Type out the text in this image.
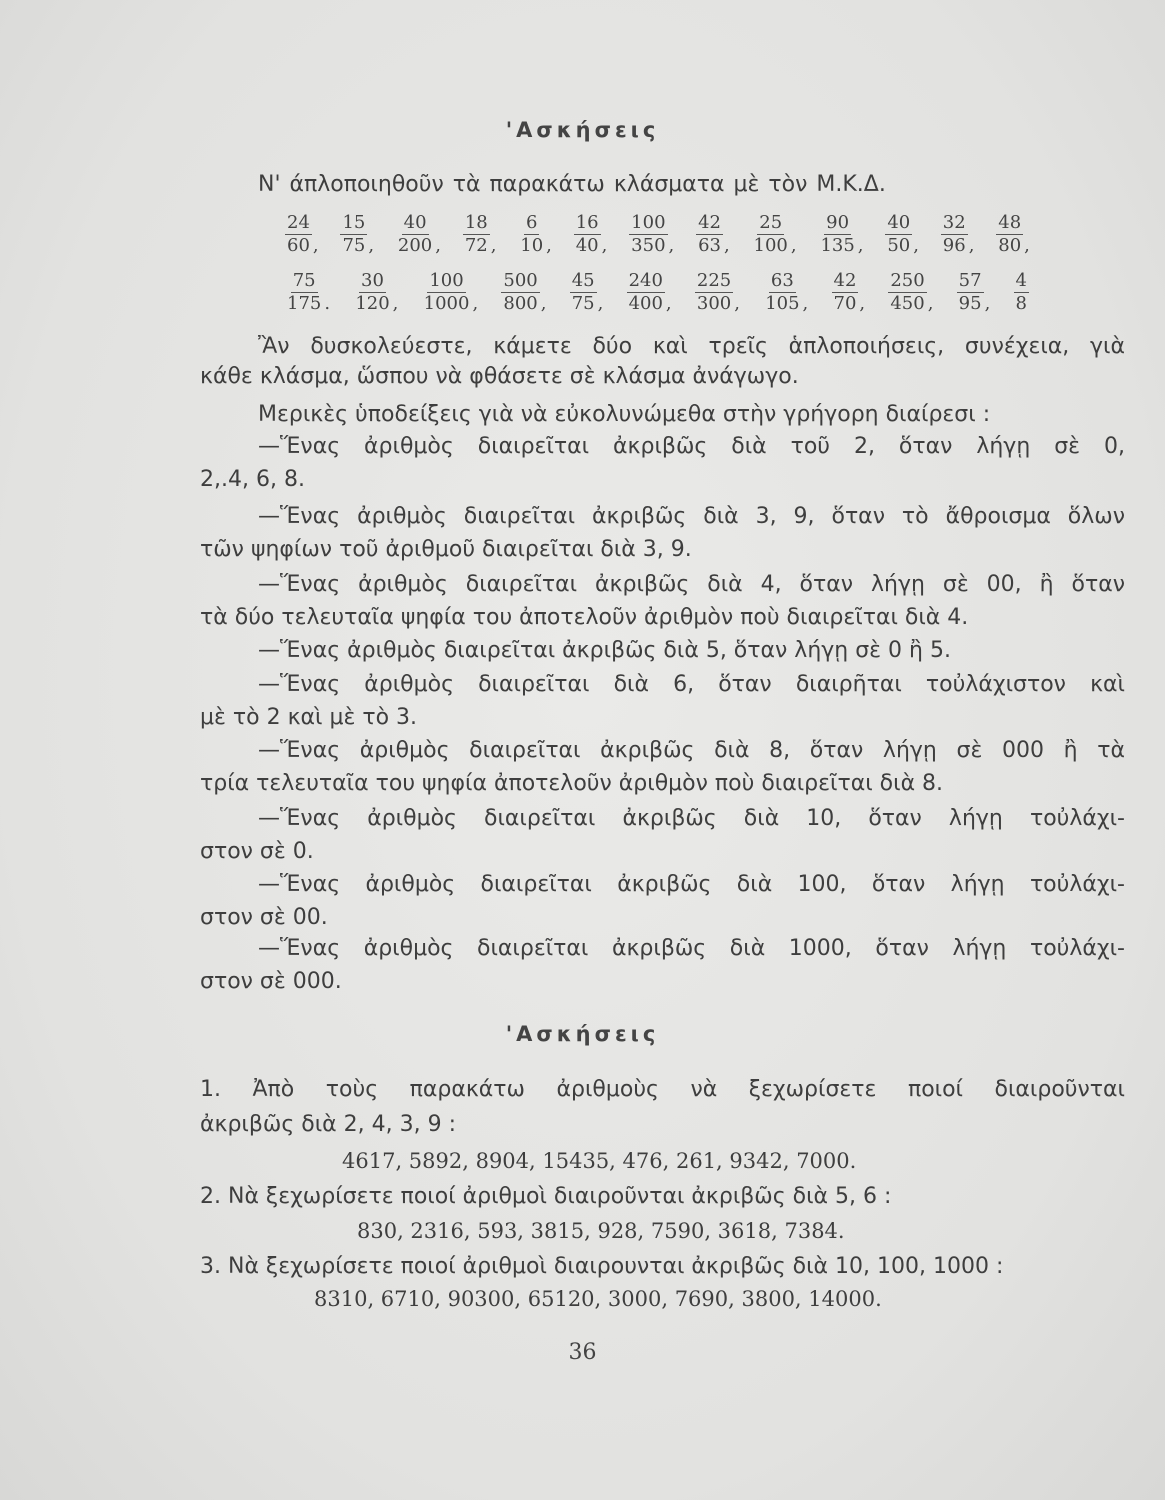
'Ασκήσεις
Ν' άπλοποιηθοῦν τὰ παρακάτω κλάσματα μὲ τὸν Μ.Κ.Δ.
$\frac{24}{60}$ , $\frac{15}{75}$ , $\frac{40}{200}$ , $\frac{18}{72}$ , $\frac{6}{10}$ , $\frac{16}{40}$ , $\frac{100}{350}$ , $\frac{42}{63}$ , $\frac{25}{100}$ , $\frac{90}{135}$ , $\frac{40}{50}$ , $\frac{32}{96}$ , $\frac{48}{80}$ ,
$\frac{75}{175}$ . $\frac{30}{120}$ , $\frac{100}{1000}$ , $\frac{500}{800}$ , $\frac{45}{75}$ , $\frac{240}{400}$ , $\frac{225}{300}$ , $\frac{63}{105}$ , $\frac{42}{70}$ , $\frac{250}{450}$ , $\frac{57}{95}$ , $\frac{4}{8}$
Ἂν δυσκολεύεστε, κάμετε δύο καὶ τρεῖς ἁπλοποιήσεις, συνέχεια, γιὰ
κάθε κλάσμα, ὥσπου νὰ φθάσετε σὲ κλάσμα ἀνάγωγο.
Μερικὲς ὑποδείξεις γιὰ νὰ εὐκολυνώμεθα στὴν γρήγορη διαίρεσι :
—Ἕνας ἀριθμὸς διαιρεῖται ἀκριβῶς διὰ τοῦ 2, ὅταν λήγῃ σὲ 0,
2,.4, 6, 8.
—Ἕνας ἀριθμὸς διαιρεῖται ἀκριβῶς διὰ 3, 9, ὅταν τὸ ἄθροισμα ὅλων
τῶν ψηφίων τοῦ ἀριθμοῦ διαιρεῖται διὰ 3, 9.
—Ἕνας ἀριθμὸς διαιρεῖται ἀκριβῶς διὰ 4, ὅταν λήγῃ σὲ 00, ἢ ὅταν
τὰ δύο τελευταῖα ψηφία του ἀποτελοῦν ἀριθμὸν ποὺ διαιρεῖται διὰ 4.
—Ἕνας ἀριθμὸς διαιρεῖται ἀκριβῶς διὰ 5, ὅταν λήγῃ σὲ 0 ἢ 5.
—Ἕνας ἀριθμὸς διαιρεῖται διὰ 6, ὅταν διαιρῆται τοὐλάχιστον καὶ
μὲ τὸ 2 καὶ μὲ τὸ 3.
—Ἕνας ἀριθμὸς διαιρεῖται ἀκριβῶς διὰ 8, ὅταν λήγῃ σὲ 000 ἢ τὰ
τρία τελευταῖα του ψηφία ἀποτελοῦν ἀριθμὸν ποὺ διαιρεῖται διὰ 8.
—Ἕνας ἀριθμὸς διαιρεῖται ἀκριβῶς διὰ 10, ὅταν λήγῃ τοὐλάχι-
στον σὲ 0.
—Ἕνας ἀριθμὸς διαιρεῖται ἀκριβῶς διὰ 100, ὅταν λήγῃ τοὐλάχι-
στον σὲ 00.
—Ἕνας ἀριθμὸς διαιρεῖται ἀκριβῶς διὰ 1000, ὅταν λήγῃ τοὐλάχι-
στον σὲ 000.
'Ασκήσεις
1. Ἀπὸ τοὺς παρακάτω ἀριθμοὺς νὰ ξεχωρίσετε ποιοί διαιροῦνται
ἀκριβῶς διὰ 2, 4, 3, 9 :
4617, 5892, 8904, 15435, 476, 261, 9342, 7000.
2. Νὰ ξεχωρίσετε ποιοί ἀριθμοὶ διαιροῦνται ἀκριβῶς διὰ 5, 6 :
830, 2316, 593, 3815, 928, 7590, 3618, 7384.
3. Νὰ ξεχωρίσετε ποιοί ἀριθμοὶ διαιρουνται ἀκριβῶς διὰ 10, 100, 1000 :
8310, 6710, 90300, 65120, 3000, 7690, 3800, 14000.
36
